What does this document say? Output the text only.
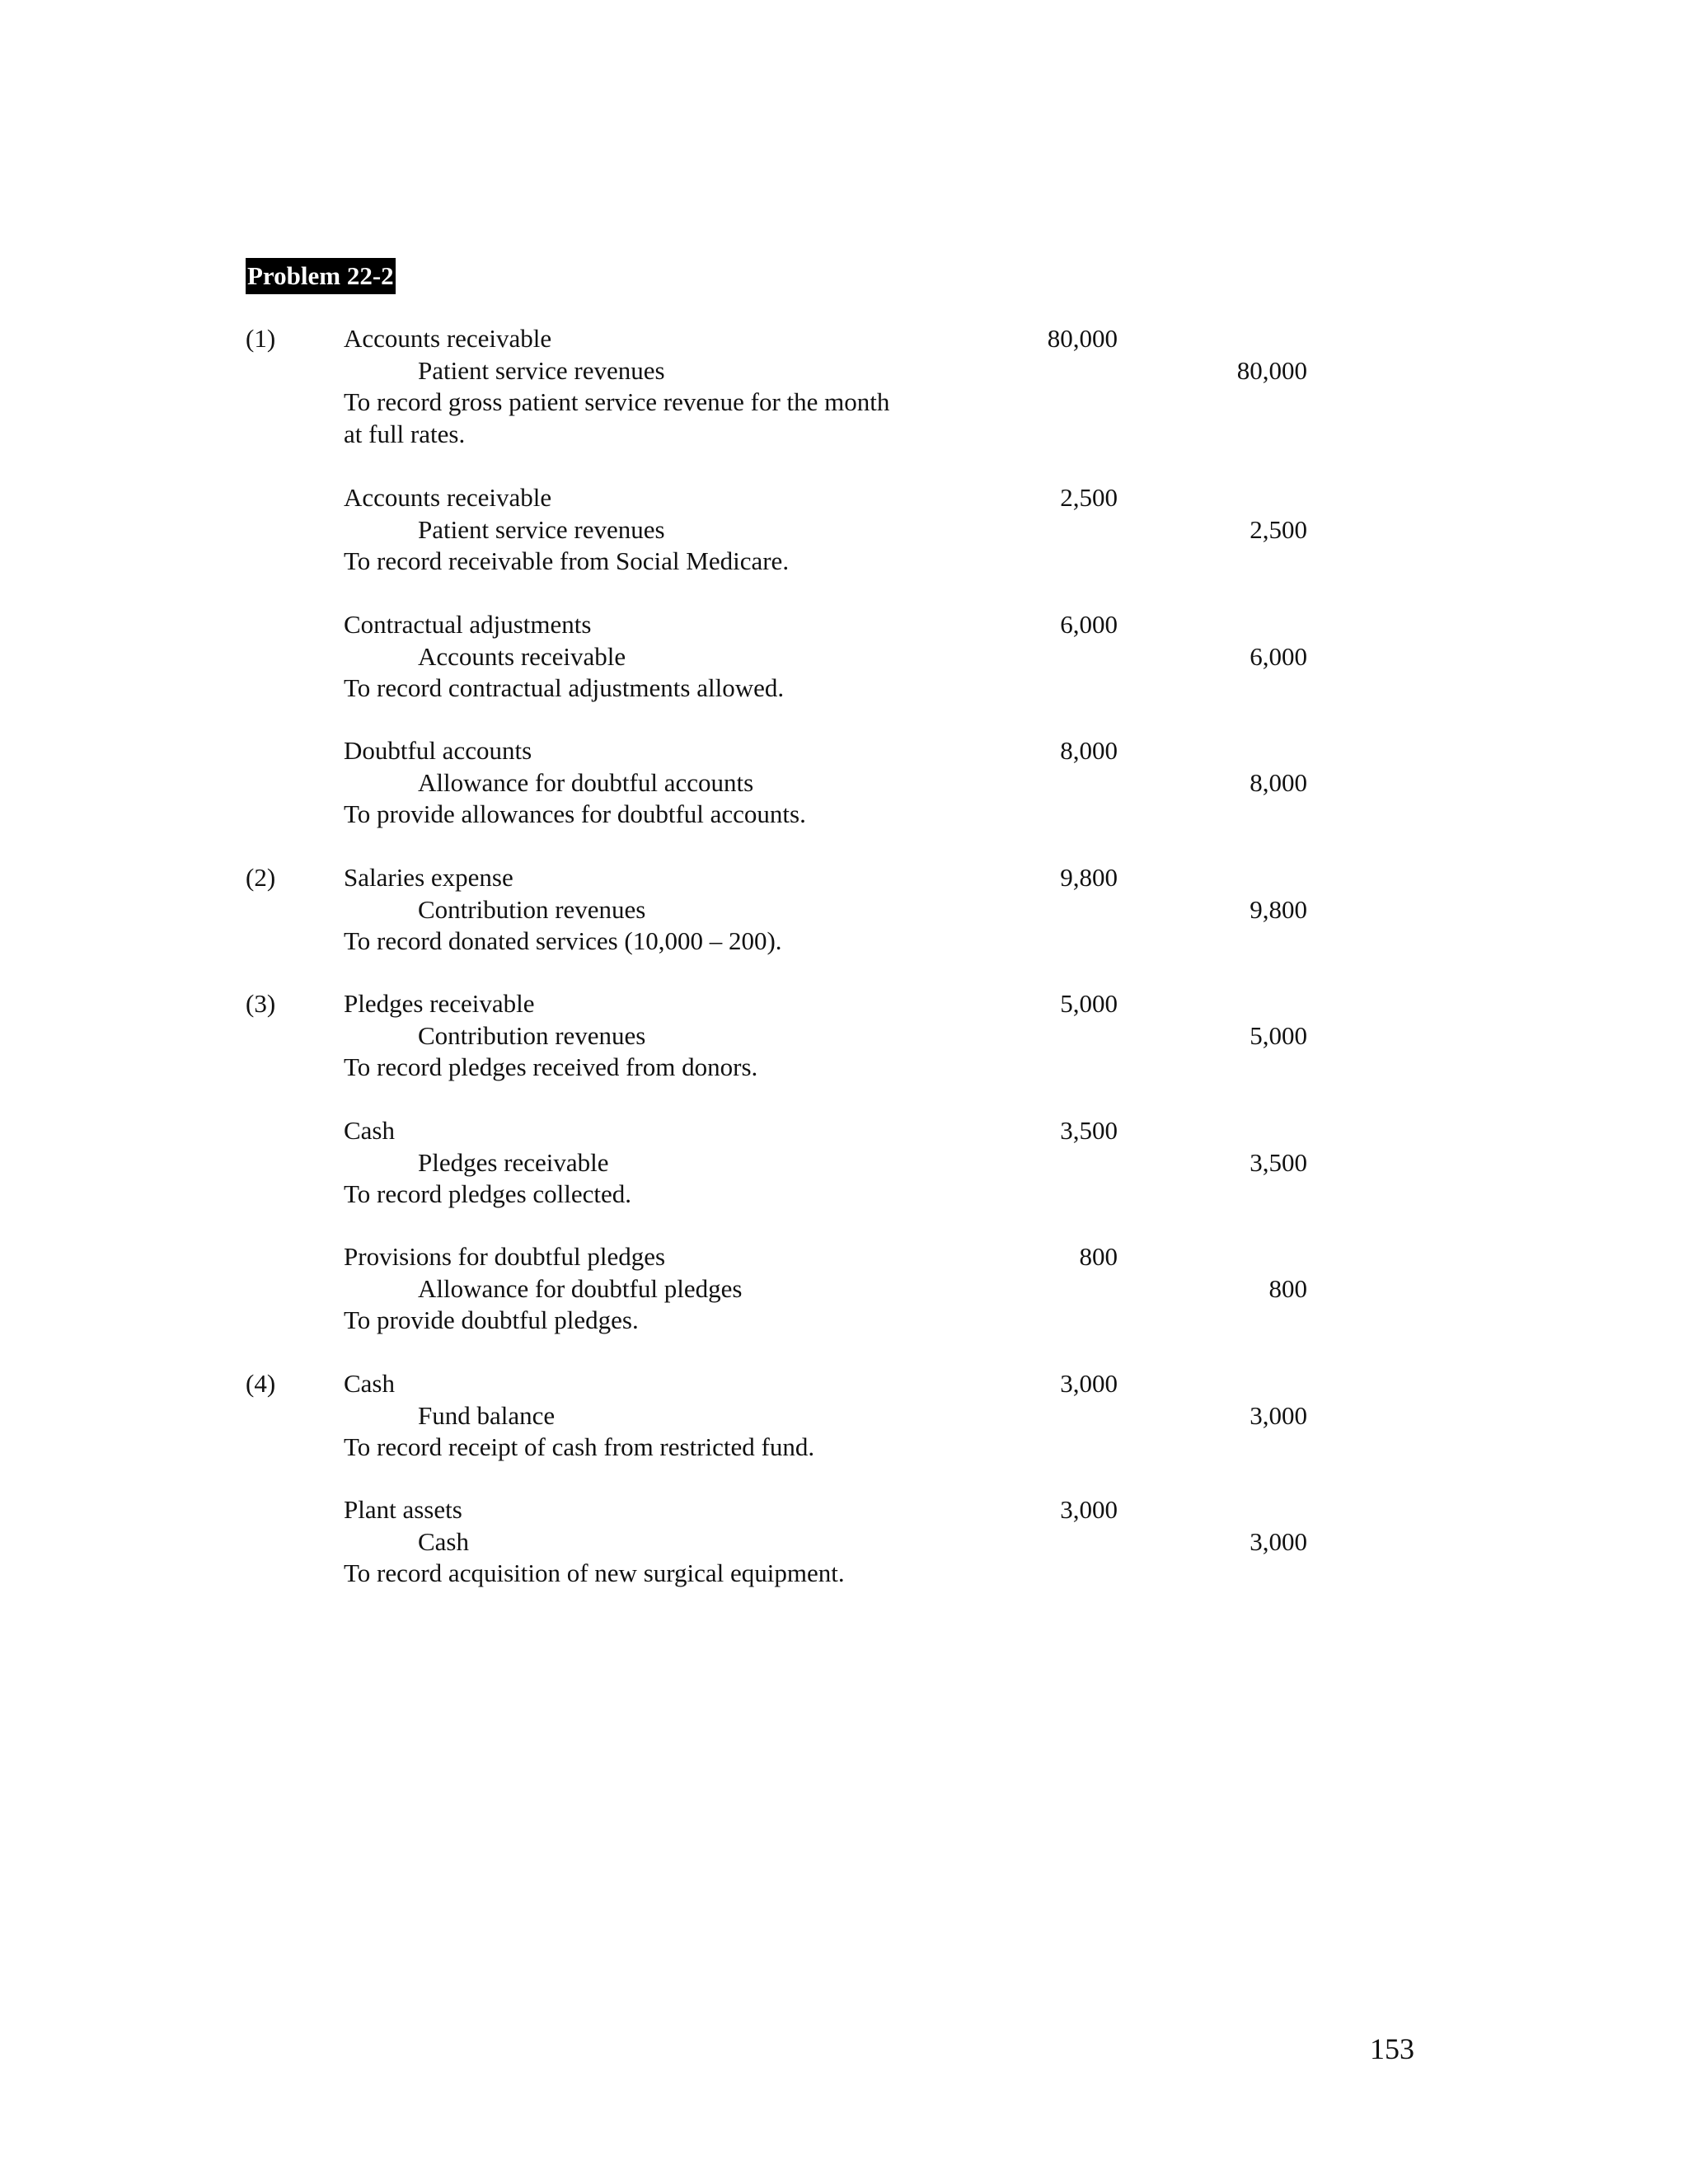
Problem 22-2
(1)	Accounts receivable	80,000
Patient service revenues	80,000
To record gross patient service revenue for the month
at full rates.
Accounts receivable	2,500
Patient service revenues	2,500
To record receivable from Social Medicare.
Contractual adjustments	6,000
Accounts receivable	6,000
To record contractual adjustments allowed.
Doubtful accounts	8,000
Allowance for doubtful accounts	8,000
To provide allowances for doubtful accounts.
(2)	Salaries expense	9,800
Contribution revenues	9,800
To record donated services (10,000 – 200).
(3)	Pledges receivable	5,000
Contribution revenues	5,000
To record pledges received from donors.
Cash	3,500
Pledges receivable	3,500
To record pledges collected.
Provisions for doubtful pledges	800
Allowance for doubtful pledges	800
To provide doubtful pledges.
(4)	Cash	3,000
Fund balance	3,000
To record receipt of cash from restricted fund.
Plant assets	3,000
Cash	3,000
To record acquisition of new surgical equipment.
153
